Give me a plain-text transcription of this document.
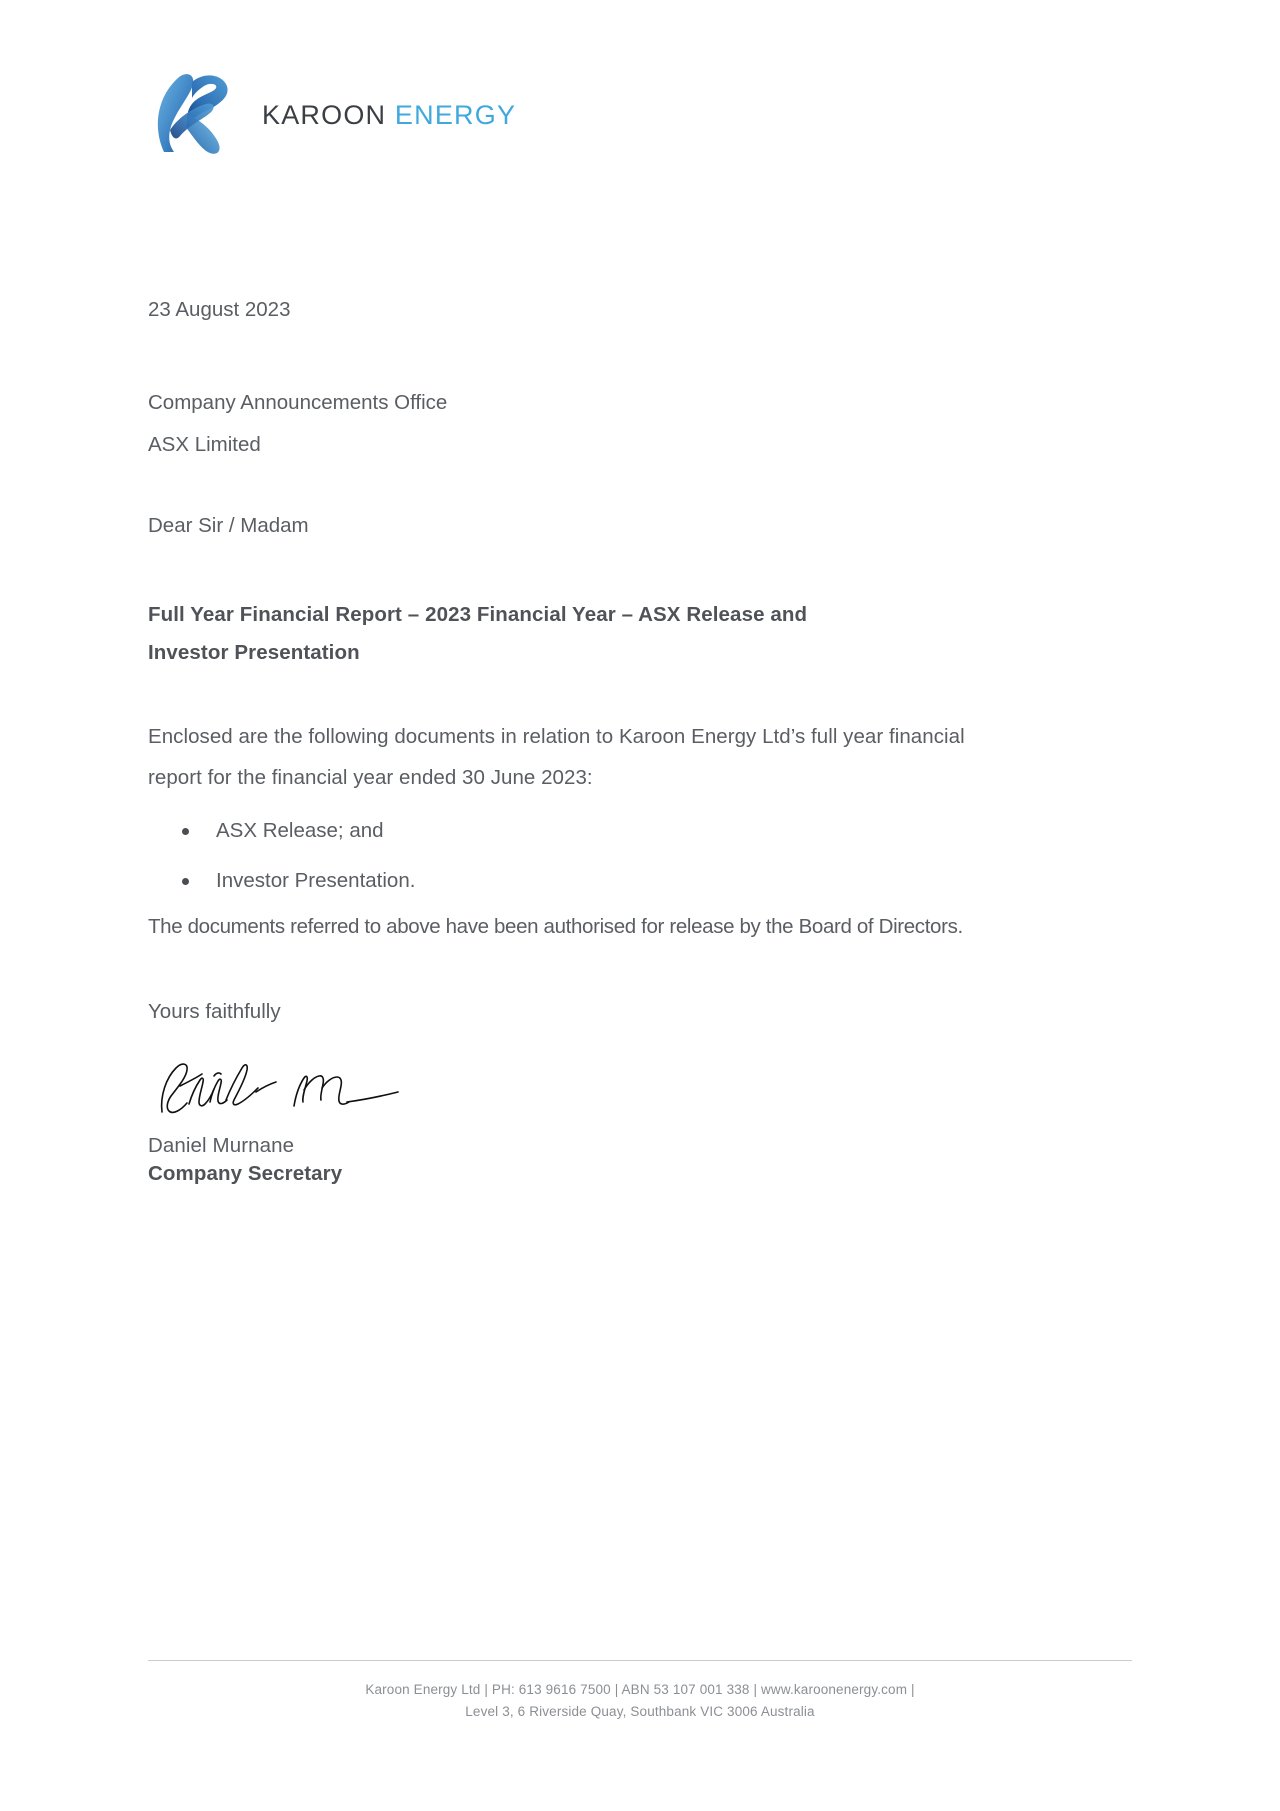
KAROON ENERGY

23 August 2023

Company Announcements Office
ASX Limited

Dear Sir / Madam

Full Year Financial Report – 2023 Financial Year – ASX Release and Investor Presentation

Enclosed are the following documents in relation to Karoon Energy Ltd’s full year financial report for the financial year ended 30 June 2023:

ASX Release; and
Investor Presentation.

The documents referred to above have been authorised for release by the Board of Directors.

Yours faithfully

Daniel Murnane

Company Secretary

Karoon Energy Ltd | PH: 613 9616 7500 | ABN 53 107 001 338 | www.karoonenergy.com |
Level 3, 6 Riverside Quay, Southbank VIC 3006 Australia
